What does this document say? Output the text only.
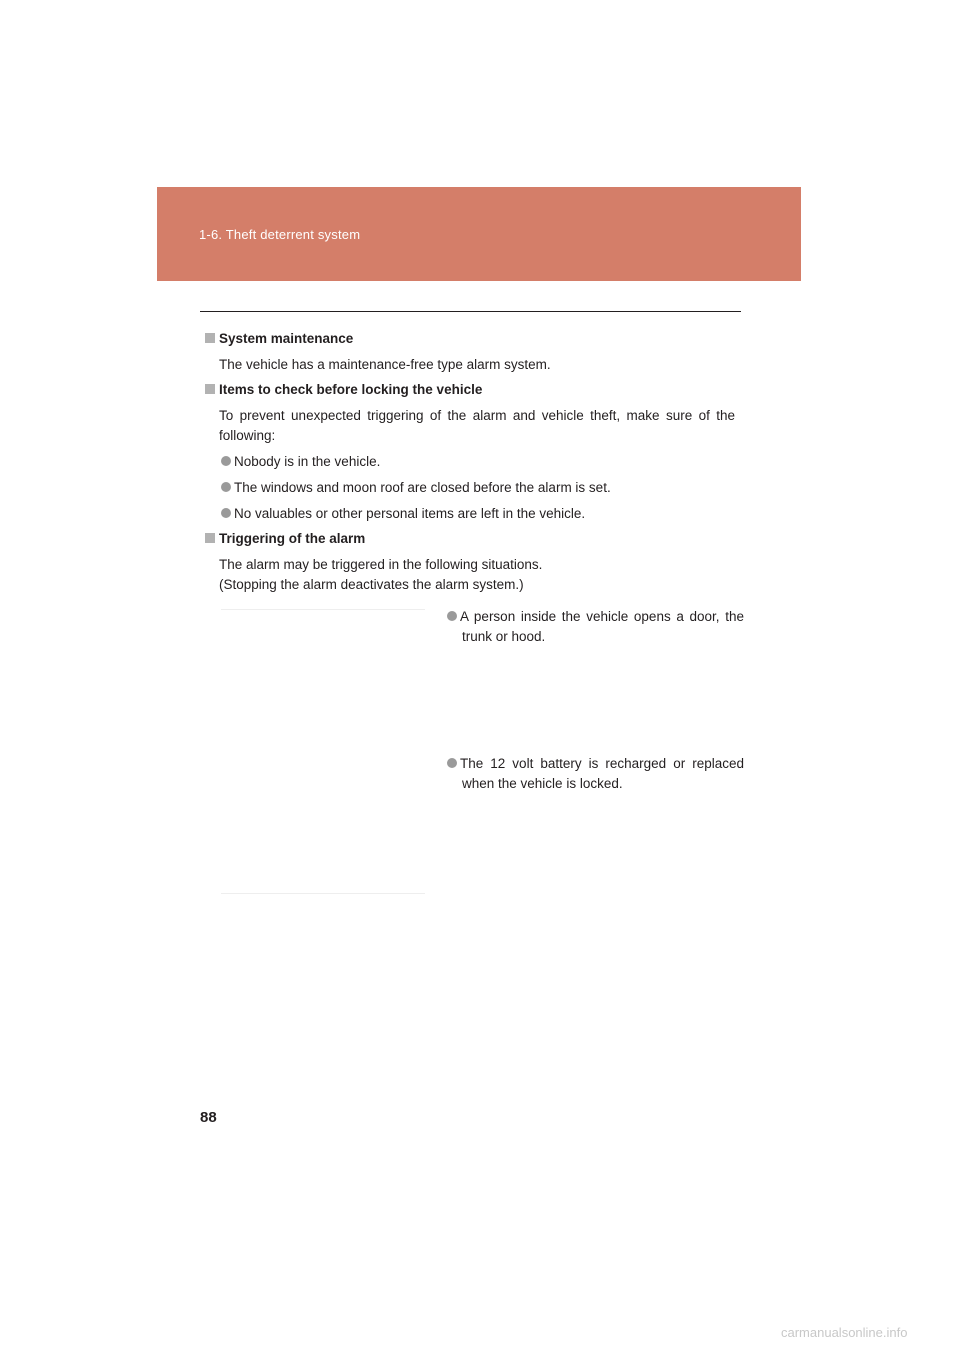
1-6. Theft deterrent system
System maintenance
The vehicle has a maintenance-free type alarm system.
Items to check before locking the vehicle
To prevent unexpected triggering of the alarm and vehicle theft, make sure of the following:
Nobody is in the vehicle.
The windows and moon roof are closed before the alarm is set.
No valuables or other personal items are left in the vehicle.
Triggering of the alarm
The alarm may be triggered in the following situations.
(Stopping the alarm deactivates the alarm system.)
A person inside the vehicle opens a door, the trunk or hood.
The 12 volt battery is recharged or replaced when the vehicle is locked.
88
carmanualsonline.info
